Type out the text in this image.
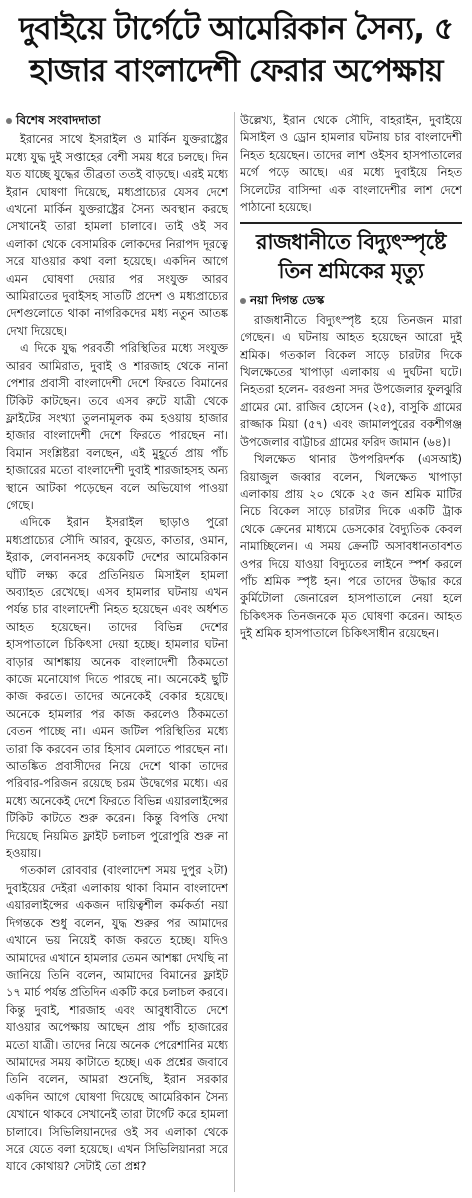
দুবাইয়ে টার্গেটে আমেরিকান সৈন্য, ৫
হাজার বাংলাদেশী ফেরার অপেক্ষায়
বিশেষ সংবাদদাতা

ইরানের সাথে ইসরাইল ও মার্কিন যুক্তরাষ্ট্রের মধ্যে যুদ্ধ দুই সপ্তাহের বেশী সময় ধরে চলছে। দিন যত যাচ্ছে যুদ্ধের তীব্রতা ততই বাড়ছে। এরই মধ্যে ইরান ঘোষণা দিয়েছে, মধ্যপ্রাচ্যের যেসব দেশে এখনো মার্কিন যুক্তরাষ্ট্রের সৈন্য অবস্থান করছে সেখানেই তারা হামলা চালাবে। তাই ওই সব এলাকা থেকে বেসামরিক লোকদের নিরাপদ দূরত্বে সরে যাওয়ার কথা বলা হয়েছে। একদিন আগে এমন ঘোষণা দেয়ার পর সংযুক্ত আরব আমিরাতের দুবাইসহ সাতটি প্রদেশ ও মধ্যপ্রাচ্যের দেশগুলোতে থাকা নাগরিকদের মধ্য নতুন আতঙ্ক দেখা দিয়েছে।

এ দিকে যুদ্ধ পরবর্তী পরিস্থিতির মধ্যে সংযুক্ত আরব আমিরাত, দুবাই ও শারজাহ থেকে নানা পেশার প্রবাসী বাংলাদেশী দেশে ফিরতে বিমানের টিকিট কাটছেন। তবে এসব রুটে যাত্রী থেকে ফ্লাইটের সংখ্যা তুলনামূলক কম হওয়ায় হাজার হাজার বাংলাদেশী দেশে ফিরতে পারছেন না। বিমান সংশ্লিষ্টরা বলছেন, এই মুহূর্তে প্রায় পাঁচ হাজারের মতো বাংলাদেশী দুবাই শারজাহসহ অন্য স্থানে আটকা পড়েছেন বলে অভিযোগ পাওয়া গেছে।

এদিকে ইরান ইসরাইল ছাড়াও পুরো মধ্যপ্রাচ্যের সৌদি আরব, কুয়েত, কাতার, ওমান, ইরাক, লেবাননসহ কয়েকটি দেশের আমেরিকান ঘাঁটি লক্ষ্য করে প্রতিনিয়ত মিসাইল হামলা অব্যাহত রেখেছে। এসব হামলার ঘটনায় এখন পর্যন্ত চার বাংলাদেশী নিহত হয়েছেন এবং অর্ধশত আহত হয়েছেন। তাদের বিভিন্ন দেশের হাসপাতালে চিকিৎসা দেয়া হচ্ছে। হামলার ঘটনা বাড়ার আশঙ্কায় অনেক বাংলাদেশী ঠিকমতো কাজে মনোযোগ দিতে পারছে না। অনেকেই ছুটি কাজ করতে। তাদের অনেকেই বেকার হয়েছে। অনেকে হামলার পর কাজ করলেও ঠিকমতো বেতন পাচ্ছে না। এমন জটিল পরিস্থিতির মধ্যে তারা কি করবেন তার হিসাব মেলাতে পারছেন না। আতঙ্কিত প্রবাসীদের নিয়ে দেশে থাকা তাদের পরিবার-পরিজন রয়েছে চরম উদ্বেগের মধ্যে। এর মধ্যে অনেকেই দেশে ফিরতে বিভিন্ন এয়ারলাইন্সের টিকিট কাটতে শুরু করেন। কিন্তু বিপত্তি দেখা দিয়েছে নিয়মিত ফ্লাইট চলাচল পুরোপুরি শুরু না হওয়ায়।

গতকাল রোববার (বাংলাদেশ সময় দুপুর ২টা) দুবাইয়ের দেইরা এলাকায় থাকা বিমান বাংলাদেশ এয়ারলাইন্সের একজন দায়িত্বশীল কর্মকর্তা নয়া দিগন্তকে শুধু বলেন, যুদ্ধ শুরুর পর আমাদের এখানে ভয় নিয়েই কাজ করতে হচ্ছে। যদিও আমাদের এখানে হামলার তেমন আশঙ্কা দেখছি না জানিয়ে তিনি বলেন, আমাদের বিমানের ফ্লাইট ১৭ মার্চ পর্যন্ত প্রতিদিন একটি করে চলাচল করবে। কিন্তু দুবাই, শারজাহ এবং আবুধাবীতে দেশে যাওয়ার অপেক্ষায় আছেন প্রায় পাঁচ হাজারের মতো যাত্রী। তাদের নিয়ে অনেক পেরেশানির মধ্যে আমাদের সময় কাটাতে হচ্ছে। এক প্রশ্নের জবাবে তিনি বলেন, আমরা শুনেছি, ইরান সরকার একদিন আগে ঘোষণা দিয়েছে আমেরিকান সৈন্য যেখানে থাকবে সেখানেই তারা টার্গেট করে হামলা চালাবে। সিভিলিয়ানদের ওই সব এলাকা থেকে সরে যেতে বলা হয়েছে। এখন সিভিলিয়ানরা সরে যাবে কোথায়? সেটাই তো প্রশ্ন?

উল্লেখ্য, ইরান থেকে সৌদি, বাহরাইন, দুবাইয়ে মিসাইল ও ড্রোন হামলার ঘটনায় চার বাংলাদেশী নিহত হয়েছেন। তাদের লাশ ওইসব হাসপাতালের মর্গে পড়ে আছে। এর মধ্যে দুবাইয়ে নিহত সিলেটের বাসিন্দা এক বাংলাদেশীর লাশ দেশে পাঠানো হয়েছে।

রাজধানীতে বিদ্যুৎস্পৃষ্টে তিন শ্রমিকের মৃত্যু
নয়া দিগন্ত ডেস্ক

রাজধানীতে বিদ্যুৎস্পৃষ্ট হয়ে তিনজন মারা গেছেন। এ ঘটনায় আহত হয়েছেন আরো দুই শ্রমিক। গতকাল বিকেল সাড়ে চারটার দিকে খিলক্ষেতের খাপাড়া এলাকায় এ দুর্ঘটনা ঘটে। নিহতরা হলেন- বরগুনা সদর উপজেলার ফুলঝুরি গ্রামের মো. রাজিব হোসেন (২৫), বাসুকি গ্রামের রাজ্জাক মিয়া (৫৭) এবং জামালপুরের বকশীগঞ্জ উপজেলার বাট্টাচর গ্রামের ফরিদ জামান (৬৪)।

খিলক্ষেত থানার উপপরিদর্শক (এসআই) রিয়াজুল জব্বার বলেন, খিলক্ষেত খাপাড়া এলাকায় প্রায় ২০ থেকে ২৫ জন শ্রমিক মাটির নিচে বিকেল সাড়ে চারটার দিকে একটি ট্রাক থেকে ক্রেনের মাধ্যমে ডেসকোর বৈদ্যুতিক কেবল নামাচ্ছিলেন। এ সময় ক্রেনটি অসাবধানতাবশত ওপর দিয়ে যাওয়া বিদ্যুতের লাইনে স্পর্শ করলে পাঁচ শ্রমিক স্পৃষ্ট হন। পরে তাদের উদ্ধার করে কুর্মিটোলা জেনারেল হাসপাতালে নেয়া হলে চিকিৎসক তিনজনকে মৃত ঘোষণা করেন। আহত দুই শ্রমিক হাসপাতালে চিকিৎসাধীন রয়েছেন।
